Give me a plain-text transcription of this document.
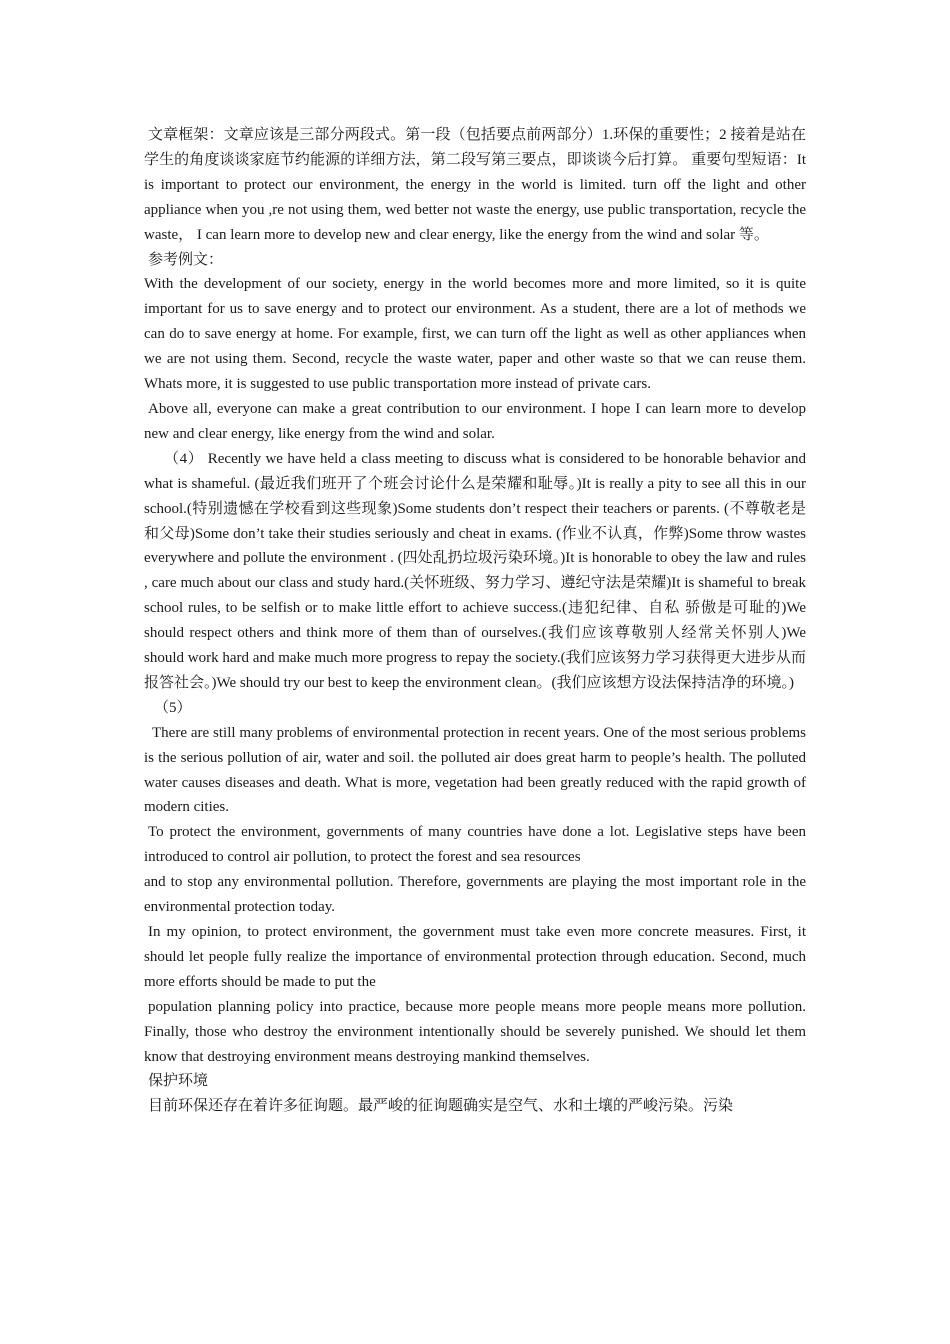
文章框架：文章应该是三部分两段式。第一段（包括要点前两部分）1.环保的重要性；2 接着是站在学生的角度谈谈家庭节约能源的详细方法，第二段写第三要点，即谈谈今后打算。 重要句型短语：It is important to protect our environment, the energy in the world is limited. turn off the light and other appliance when you ,re not using them, wed better not waste the energy, use public transportation, recycle the waste， I can learn more to develop new and clear energy, like the energy from the wind and solar 等。

参考例文：

With the development of our society, energy in the world becomes more and more limited, so it is quite important for us to save energy and to protect our environment. As a student, there are a lot of methods we can do to save energy at home. For example, first, we can turn off the light as well as other appliances when we are not using them. Second, recycle the waste water, paper and other waste so that we can reuse them. Whats more, it is suggested to use public transportation more instead of private cars.

Above all, everyone can make a great contribution to our environment. I hope I can learn more to develop new and clear energy, like energy from the wind and solar.

（4） Recently we have held a class meeting to discuss what is considered to be honorable behavior and what is shameful. (最近我们班开了个班会讨论什么是荣耀和耻辱。)It is really a pity to see all this in our school.(特别遗憾在学校看到这些现象)Some students don’t respect their teachers or parents. (不尊敬老是和父母)Some don’t take their studies seriously and cheat in exams. (作业不认真，作弊)Some throw wastes everywhere and pollute the environment . (四处乱扔垃圾污染环境。)It is honorable to obey the law and rules , care much about our class and study hard.(关怀班级、努力学习、遵纪守法是荣耀)It is shameful to break school rules, to be selfish or to make little effort to achieve success.(违犯纪律、自私 骄傲是可耻的)We should respect others and think more of them than of ourselves.(我们应该尊敬别人经常关怀别人)We should work hard and make much more progress to repay the society.(我们应该努力学习获得更大进步从而报答社会。)We should try our best to keep the environment clean。(我们应该想方设法保持洁净的环境。)

（5）

There are still many problems of environmental protection in recent years. One of the most serious problems is the serious pollution of air, water and soil. the polluted air does great harm to people’s health. The polluted water causes diseases and death. What is more, vegetation had been greatly reduced with the rapid growth of modern cities.

To protect the environment, governments of many countries have done a lot. Legislative steps have been introduced to control air pollution, to protect the forest and sea resources

and to stop any environmental pollution. Therefore, governments are playing the most important role in the environmental protection today.

In my opinion, to protect environment, the government must take even more concrete measures. First, it should let people fully realize the importance of environmental protection through education. Second, much more efforts should be made to put the

population planning policy into practice, because more people means more people means more pollution. Finally, those who destroy the environment intentionally should be severely punished. We should let them know that destroying environment means destroying mankind themselves.

保护环境

目前环保还存在着许多征询题。最严峻的征询题确实是空气、水和土壤的严峻污染。污染
